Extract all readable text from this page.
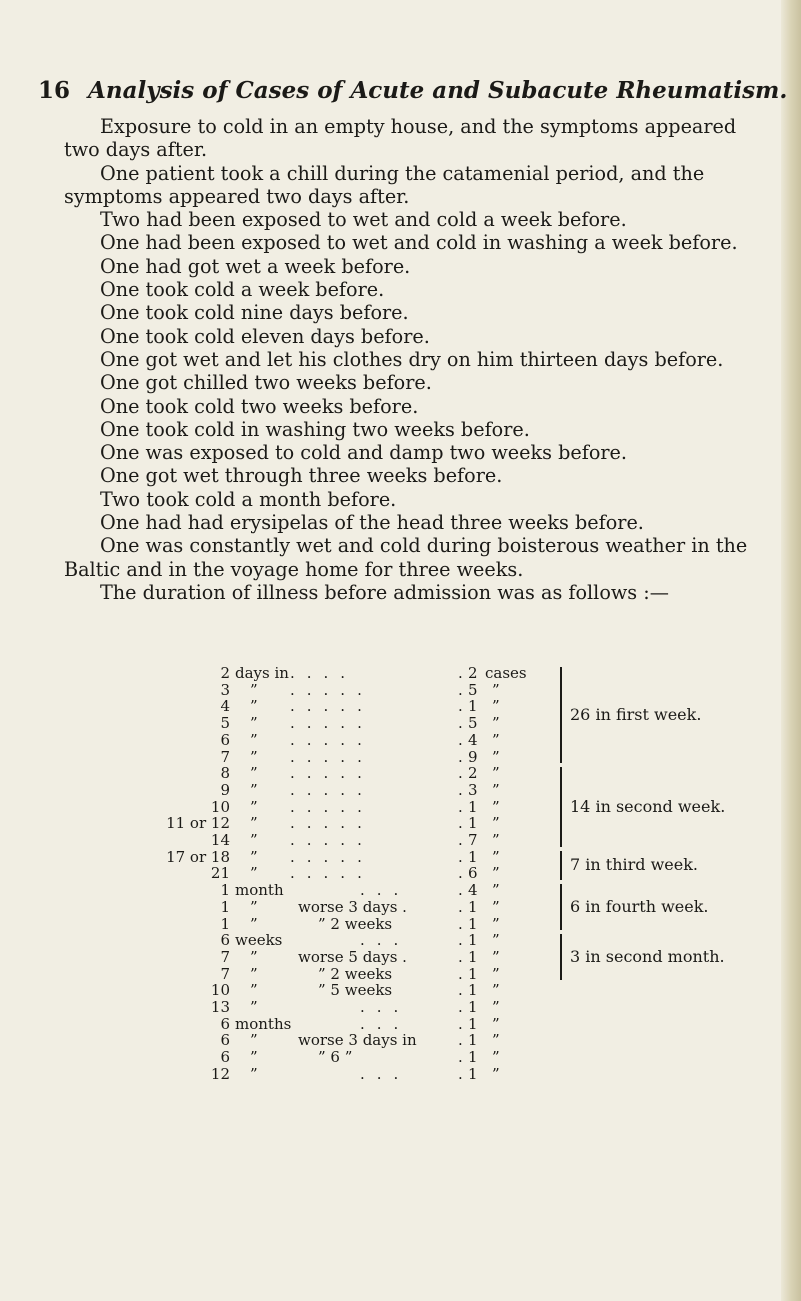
16 Analysis of Cases of Acute and Subacute Rheumatism.

Exposure to cold in an empty house, and the symptoms appeared two days after.

One patient took a chill during the catamenial period, and the symptoms appeared two days after.

Two had been exposed to wet and cold a week before.

One had been exposed to wet and cold in washing a week before.

One had got wet a week before.

One took cold a week before.

One took cold nine days before.

One took cold eleven days before.

One got wet and let his clothes dry on him thirteen days before.

One got chilled two weeks before.

One took cold two weeks before.

One took cold in washing two weeks before.

One was exposed to cold and damp two weeks before.

One got wet through three weeks before.

Two took cold a month before.

One had had erysipelas of the head three weeks before.

One was constantly wet and cold during boisterous weather in the Baltic and in the voyage home for three weeks.

The duration of illness before admission was as follows :—

2 days in ....	. 2 cases
3 ” .....	. 5 ”
4 ” .....	. 1 ”
5 ” .....	. 5 ”
6 ” .....	. 4 ”
7 ” .....	. 9 ”
8 ” .....	. 2 ”
9 ” .....	. 3 ”
10 ” .....	. 1 ”
11 or 12 ” .....	. 1 ”
14 ” .....	. 7 ”
17 or 18 ” .....	. 1 ”
21 ” .....	. 6 ”
1 month	...	. 4 ”
1 ”	worse 3 days .	. 1 ”
1 ”	” 2 weeks	. 1 ”
6 weeks	...	. 1 ”
7 ”	worse 5 days .	. 1 ”
7 ”	” 2 weeks	. 1 ”
10 ”	” 5 weeks	. 1 ”
13 ”	...	. 1 ”
6 months	...	. 1 ”
6 ”	worse 3 days in	. 1 ”
6 ”	” 6 ”	. 1 ”
12 ”	...	. 1 ”
26 in first week.
14 in second week.
7 in third week.
6 in fourth week.
3 in second month.
